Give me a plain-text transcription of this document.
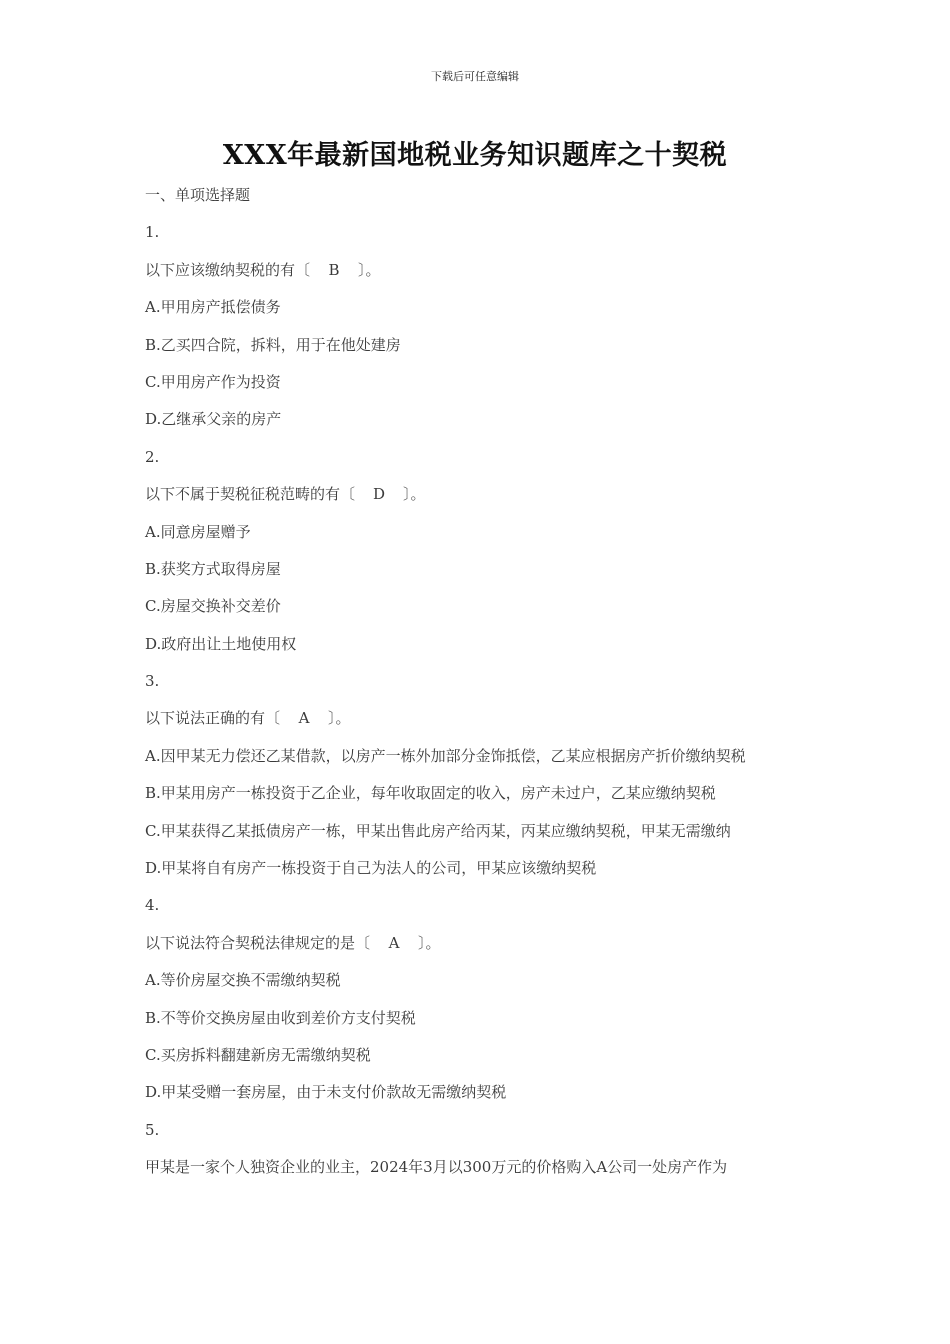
下载后可任意编辑
XXX年最新国地税业务知识题库之十契税
一、单项选择题
1.
以下应该缴纳契税的有〔 B 〕。
A.甲用房产抵偿债务
B.乙买四合院，拆料，用于在他处建房
C.甲用房产作为投资
D.乙继承父亲的房产
2.
以下不属于契税征税范畴的有〔 D 〕。
A.同意房屋赠予
B.获奖方式取得房屋
C.房屋交换补交差价
D.政府出让土地使用权
3.
以下说法正确的有〔 A 〕。
A.因甲某无力偿还乙某借款，以房产一栋外加部分金饰抵偿，乙某应根据房产折价缴纳契税
B.甲某用房产一栋投资于乙企业，每年收取固定的收入，房产未过户，乙某应缴纳契税
C.甲某获得乙某抵债房产一栋，甲某出售此房产给丙某，丙某应缴纳契税，甲某无需缴纳
D.甲某将自有房产一栋投资于自己为法人的公司，甲某应该缴纳契税
4.
以下说法符合契税法律规定的是〔 A 〕。
A.等价房屋交换不需缴纳契税
B.不等价交换房屋由收到差价方支付契税
C.买房拆料翻建新房无需缴纳契税
D.甲某受赠一套房屋，由于未支付价款故无需缴纳契税
5.
甲某是一家个人独资企业的业主，2024年3月以300万元的价格购入A公司一处房产作为
